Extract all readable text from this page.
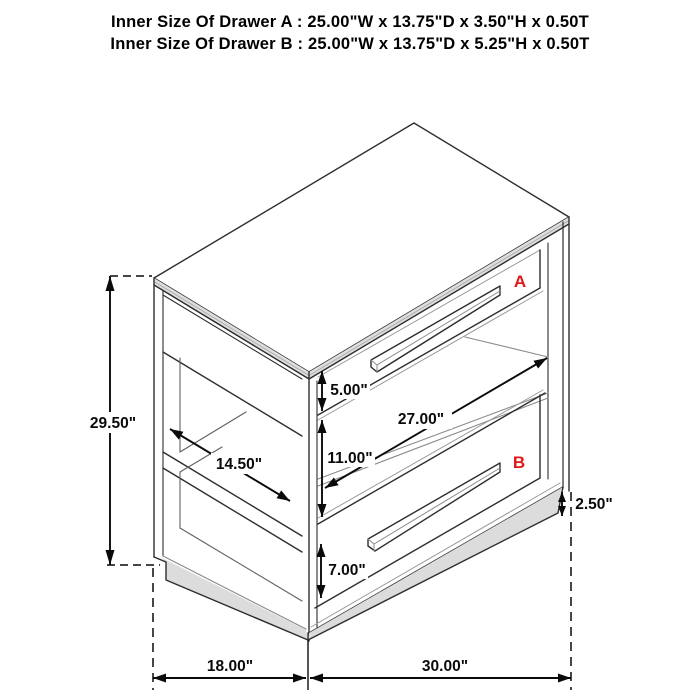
Inner Size Of Drawer A : 25.00"W x 13.75"D x 3.50"H x 0.50T
Inner Size Of Drawer B : 25.00"W x 13.75"D x 5.25"H x 0.50T
A
B
29.50"
14.50"
5.00"
27.00"
11.00"
7.00"
2.50"
18.00"	30.00"
